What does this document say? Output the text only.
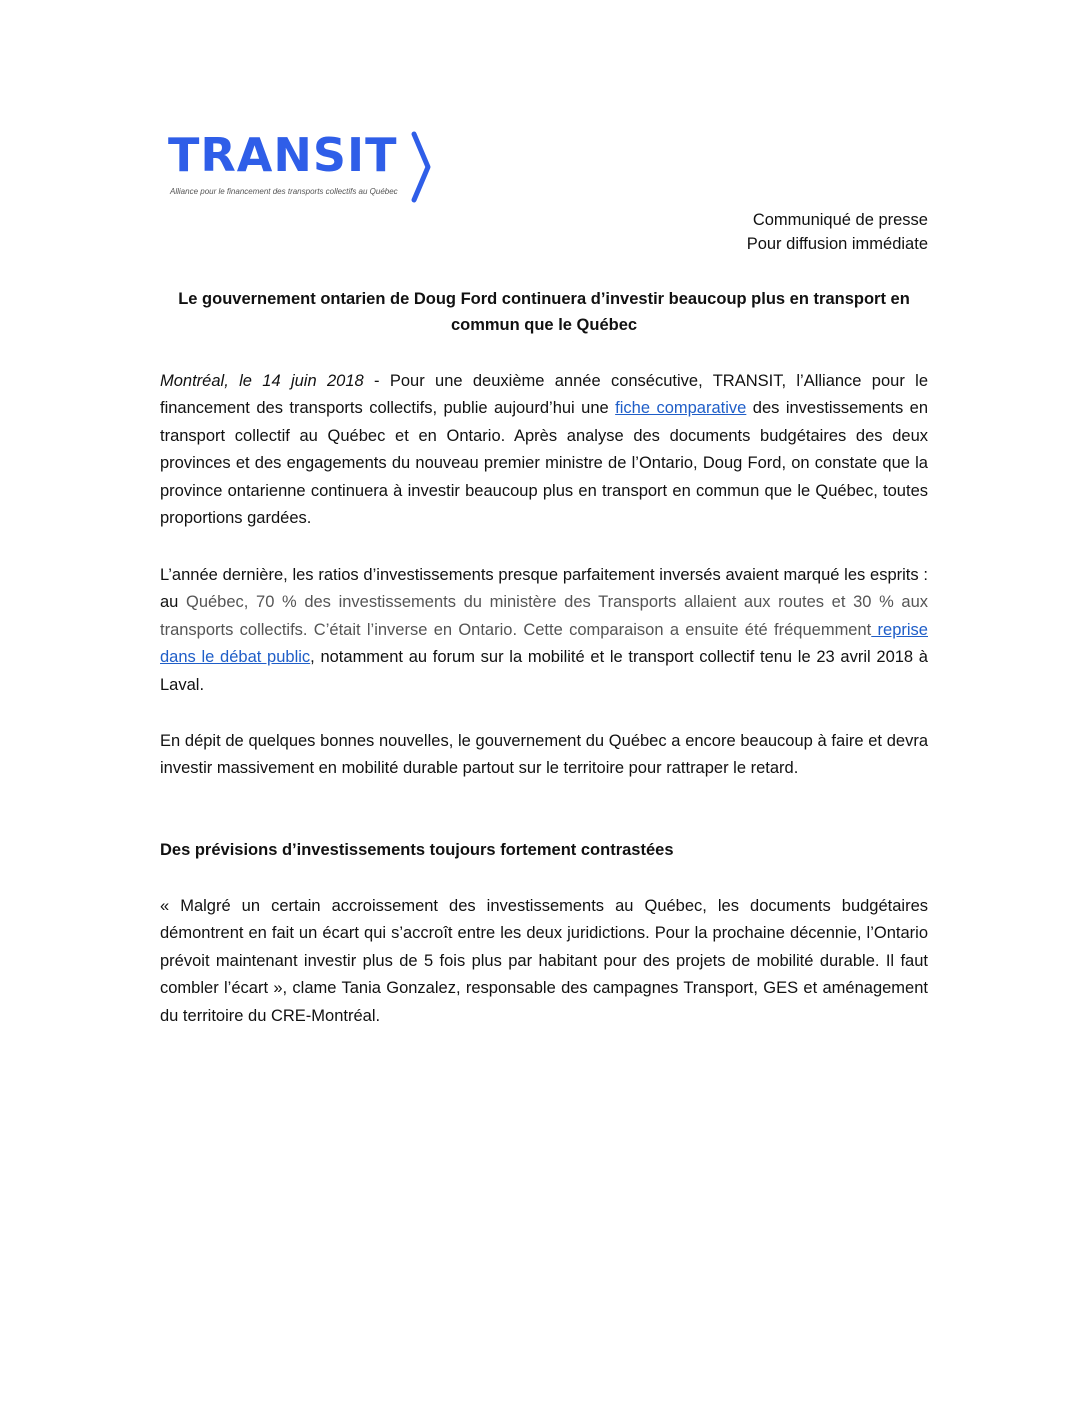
TRANSIT
Alliance pour le financement des transports collectifs au Québec
Communiqué de presse
Pour diffusion immédiate
Le gouvernement ontarien de Doug Ford continuera d’investir beaucoup plus en transport en commun que le Québec

Montréal, le 14 juin 2018 - Pour une deuxième année consécutive, TRANSIT, l’Alliance pour le financement des transports collectifs, publie aujourd’hui une fiche comparative des investissements en transport collectif au Québec et en Ontario. Après analyse des documents budgétaires des deux provinces et des engagements du nouveau premier ministre de l’Ontario, Doug Ford, on constate que la province ontarienne continuera à investir beaucoup plus en transport en commun que le Québec, toutes proportions gardées.

L’année dernière, les ratios d’investissements presque parfaitement inversés avaient marqué les esprits : au Québec, 70 % des investissements du ministère des Transports allaient aux routes et 30 % aux transports collectifs. C’était l’inverse en Ontario. Cette comparaison a ensuite été fréquemment reprise dans le débat public, notamment au forum sur la mobilité et le transport collectif tenu le 23 avril 2018 à Laval.

En dépit de quelques bonnes nouvelles, le gouvernement du Québec a encore beaucoup à faire et devra investir massivement en mobilité durable partout sur le territoire pour rattraper le retard.

Des prévisions d’investissements toujours fortement contrastées

« Malgré un certain accroissement des investissements au Québec, les documents budgétaires démontrent en fait un écart qui s’accroît entre les deux juridictions. Pour la prochaine décennie, l’Ontario prévoit maintenant investir plus de 5 fois plus par habitant pour des projets de mobilité durable. Il faut combler l’écart », clame Tania Gonzalez, responsable des campagnes Transport, GES et aménagement du territoire du CRE-Montréal.
